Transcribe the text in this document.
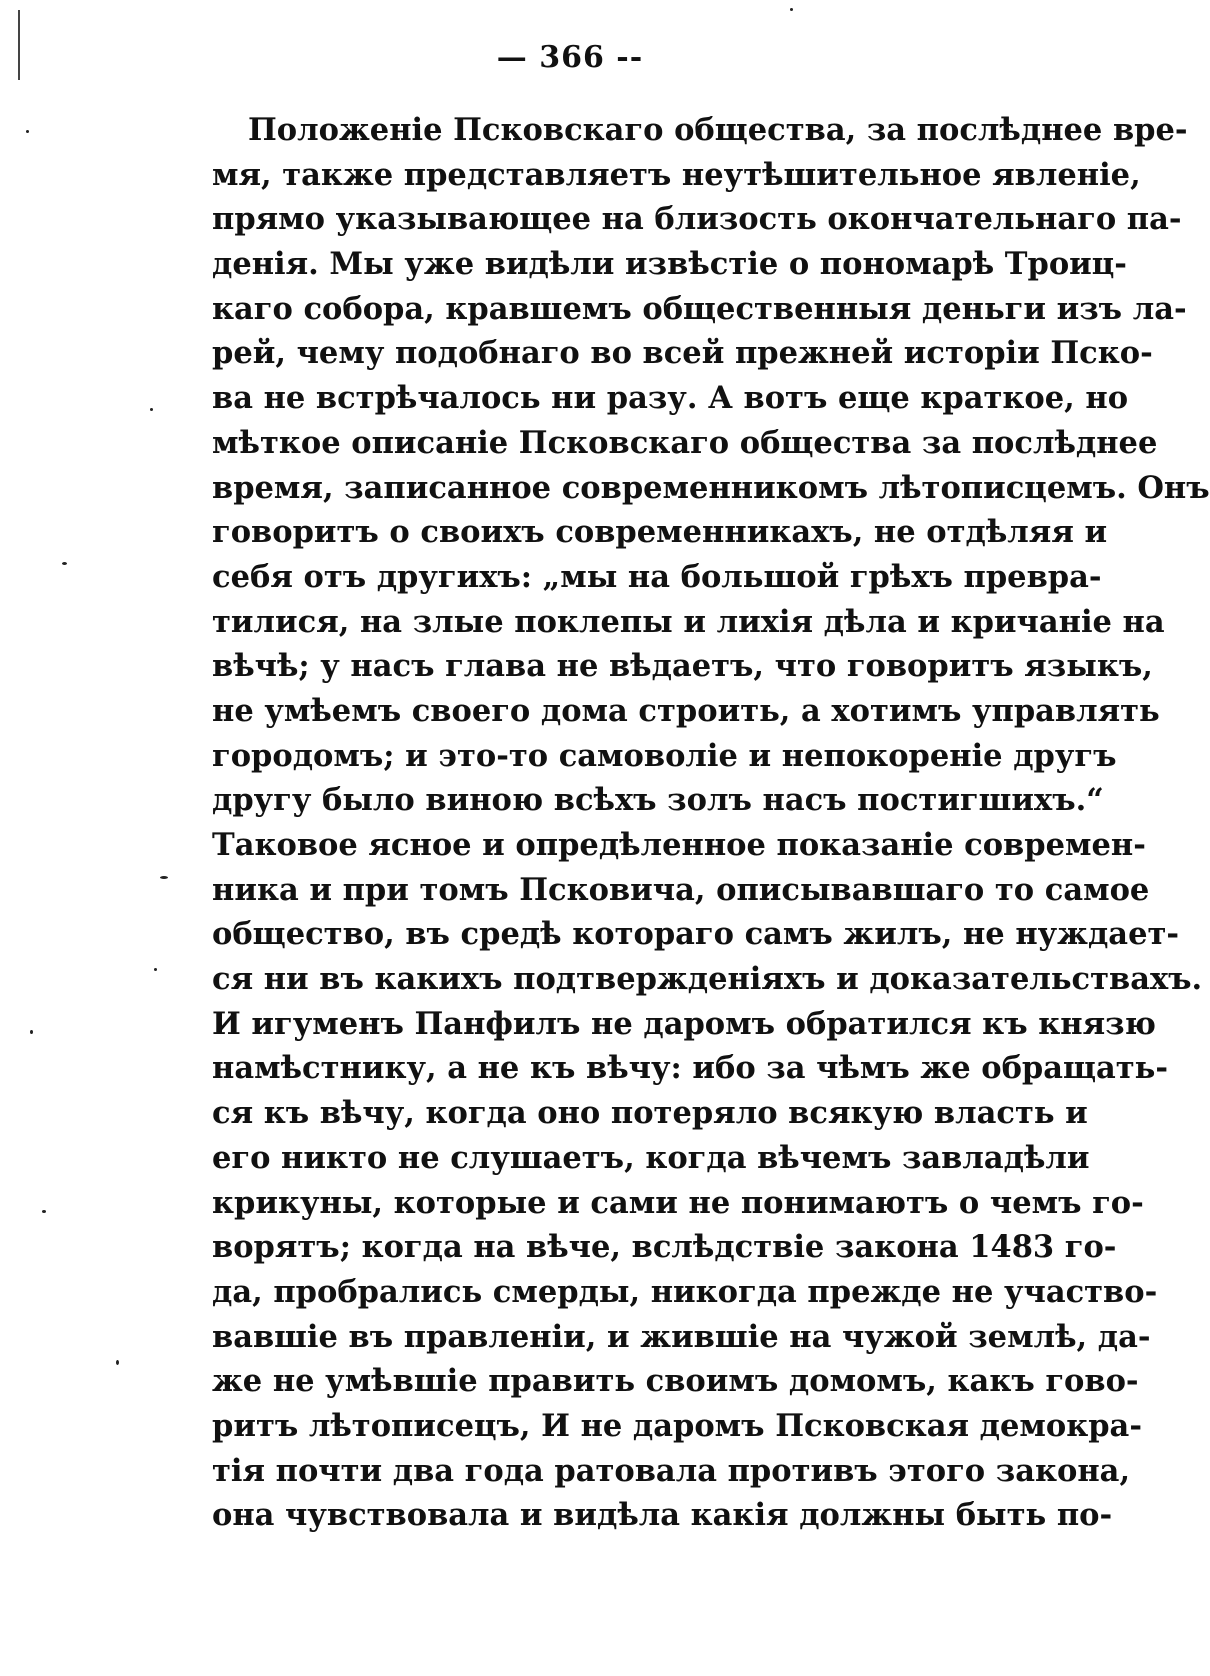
— 366 --
Положеніе Псковскаго общества, за послѣднее вре-
мя, также представляетъ неутѣшительное явленіе,
прямо указывающее на близость окончательнаго па-
денія. Мы уже видѣли извѣстіе о пономарѣ Троиц-
каго собора, кравшемъ общественныя деньги изъ ла-
рей, чему подобнаго во всей прежней исторіи Пско-
ва не встрѣчалось ни разу. А вотъ еще краткое, но
мѣткое описаніе Псковскаго общества за послѣднее
время, записанное современникомъ лѣтописцемъ. Онъ
говоритъ о своихъ современникахъ, не отдѣляя и
себя отъ другихъ: „мы на большой грѣхъ превра-
тилися, на злые поклепы и лихія дѣла и кричаніе на
вѣчѣ; у насъ глава не вѣдаетъ, что говоритъ языкъ,
не умѣемъ своего дома строить, а хотимъ управлять
городомъ; и это-то самоволіе и непокореніе другъ
другу было виною всѣхъ золъ насъ постигшихъ.“
Таковое ясное и опредѣленное показаніе современ-
ника и при томъ Псковича, описывавшаго то самое
общество, въ средѣ котораго самъ жилъ, не нуждает-
ся ни въ какихъ подтвержденіяхъ и доказательствахъ.
И игуменъ Панфилъ не даромъ обратился къ князю
намѣстнику, а не къ вѣчу: ибо за чѣмъ же обращать-
ся къ вѣчу, когда оно потеряло всякую власть и
его никто не слушаетъ, когда вѣчемъ завладѣли
крикуны, которые и сами не понимаютъ о чемъ го-
ворятъ; когда на вѣче, вслѣдствіе закона 1483 го-
да, пробрались смерды, никогда прежде не участво-
вавшіе въ правленіи, и жившіе на чужой землѣ, да-
же не умѣвшіе править своимъ домомъ, какъ гово-
ритъ лѣтописецъ, И не даромъ Псковская демокра-
тія почти два года ратовала противъ этого закона,
она чувствовала и видѣла какія должны быть по-
